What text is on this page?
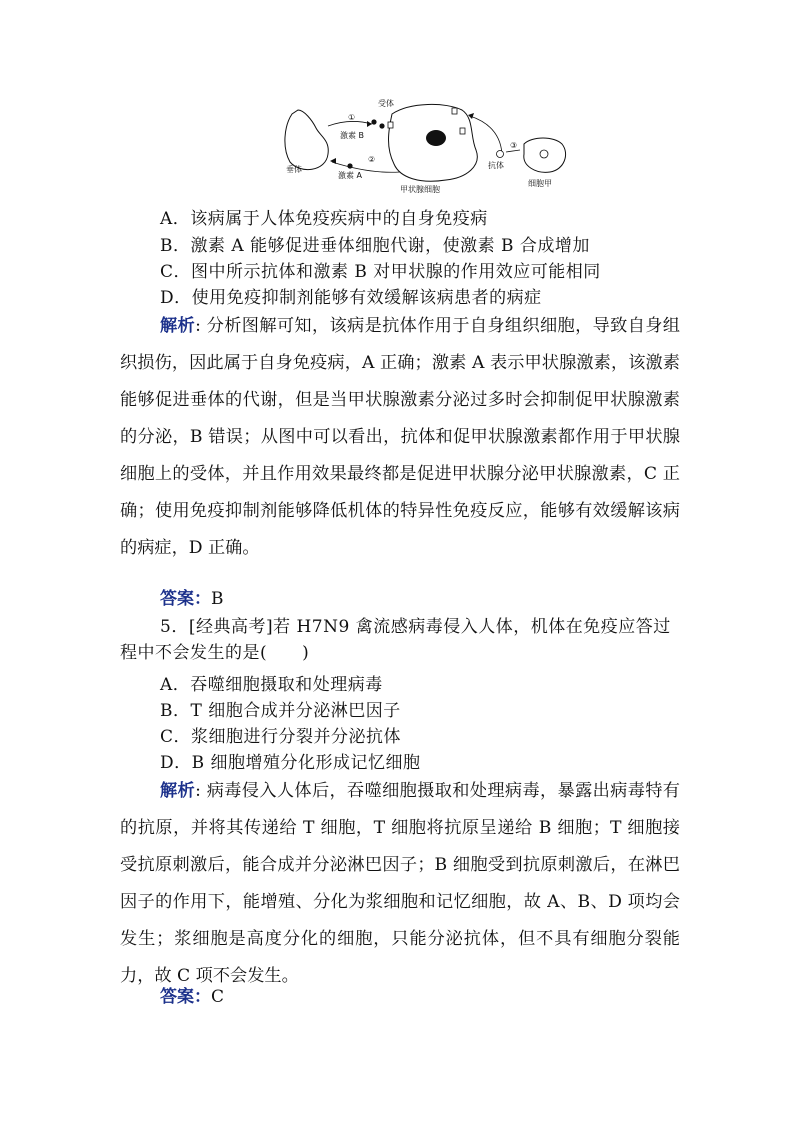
受体
激素 B
激素 A
垂体
甲状腺细胞
抗体
细胞甲
①
②
③
A．该病属于人体免疫疾病中的自身免疫病
B．激素 A 能够促进垂体细胞代谢，使激素 B 合成增加
C．图中所示抗体和激素 B 对甲状腺的作用效应可能相同
D．使用免疫抑制剂能够有效缓解该病患者的病症
解析: 分析图解可知，该病是抗体作用于自身组织细胞，导致自身组织损伤，因此属于自身免疫病，A 正确；激素 A 表示甲状腺激素，该激素能够促进垂体的代谢，但是当甲状腺激素分泌过多时会抑制促甲状腺激素的分泌，B 错误；从图中可以看出，抗体和促甲状腺激素都作用于甲状腺细胞上的受体，并且作用效果最终都是促进甲状腺分泌甲状腺激素，C 正确；使用免疫抑制剂能够降低机体的特异性免疫反应，能够有效缓解该病的病症，D 正确。
答案：B
5．[经典高考]若 H7N9 禽流感病毒侵入人体，机体在免疫应答过程中不会发生的是(　　)
A．吞噬细胞摄取和处理病毒
B．T 细胞合成并分泌淋巴因子
C．浆细胞进行分裂并分泌抗体
D．B 细胞增殖分化形成记忆细胞
解析: 病毒侵入人体后，吞噬细胞摄取和处理病毒，暴露出病毒特有的抗原，并将其传递给 T 细胞，T 细胞将抗原呈递给 B 细胞；T 细胞接受抗原刺激后，能合成并分泌淋巴因子；B 细胞受到抗原刺激后，在淋巴因子的作用下，能增殖、分化为浆细胞和记忆细胞，故 A、B、D 项均会发生；浆细胞是高度分化的细胞，只能分泌抗体，但不具有细胞分裂能力，故 C 项不会发生。
答案：C
